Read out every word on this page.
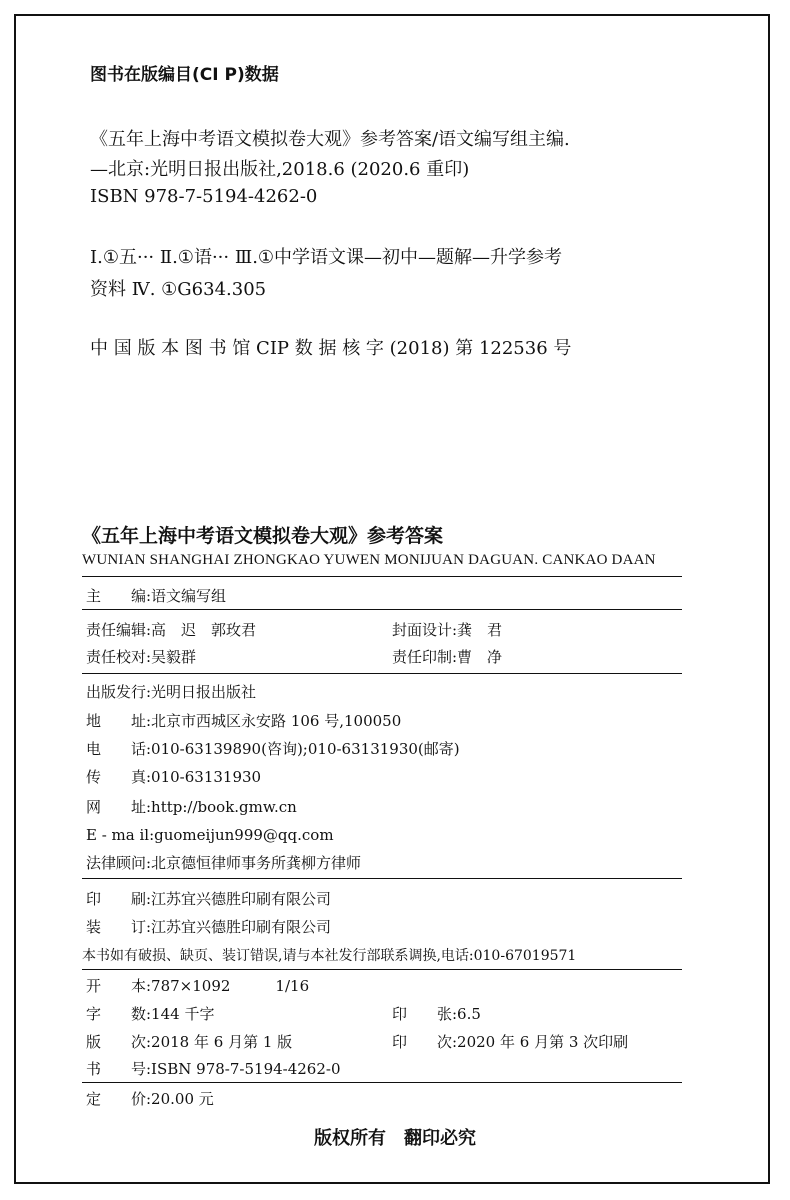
图书在版编目(CI P)数据
《五年上海中考语文模拟卷大观》参考答案/语文编写组主编.
—北京:光明日报出版社,2018.6 (2020.6 重印)
ISBN 978-7-5194-4262-0
Ⅰ.①五··· Ⅱ.①语··· Ⅲ.①中学语文课—初中—题解—升学参考
资料 Ⅳ. ①G634.305
中 国 版 本 图 书 馆 CIP 数 据 核 字 (2018) 第 122536 号
《五年上海中考语文模拟卷大观》参考答案
WUNIAN SHANGHAI ZHONGKAO YUWEN MONIJUAN DAGUAN. CANKAO DAAN
主　　编:语文编写组
责任编辑:高　迟　郭玫君	封面设计:龚　君
责任校对:吴毅群	责任印制:曹　净
出版发行:光明日报出版社
地　　址:北京市西城区永安路 106 号,100050
电　　话:010-63139890(咨询);010-63131930(邮寄)
传　　真:010-63131930
网　　址:http://book.gmw.cn
E - ma il:guomeijun999@qq.com
法律顾问:北京德恒律师事务所龚柳方律师
印　　刷:江苏宜兴德胜印刷有限公司
装　　订:江苏宜兴德胜印刷有限公司
本书如有破损、缺页、装订错误,请与本社发行部联系调换,电话:010-67019571
开　　本:787×1092　　　1/16
字　　数:144 千字	印　　张:6.5
版　　次:2018 年 6 月第 1 版	印　　次:2020 年 6 月第 3 次印刷
书　　号:ISBN 978-7-5194-4262-0
定　　价:20.00 元
版权所有　翻印必究
